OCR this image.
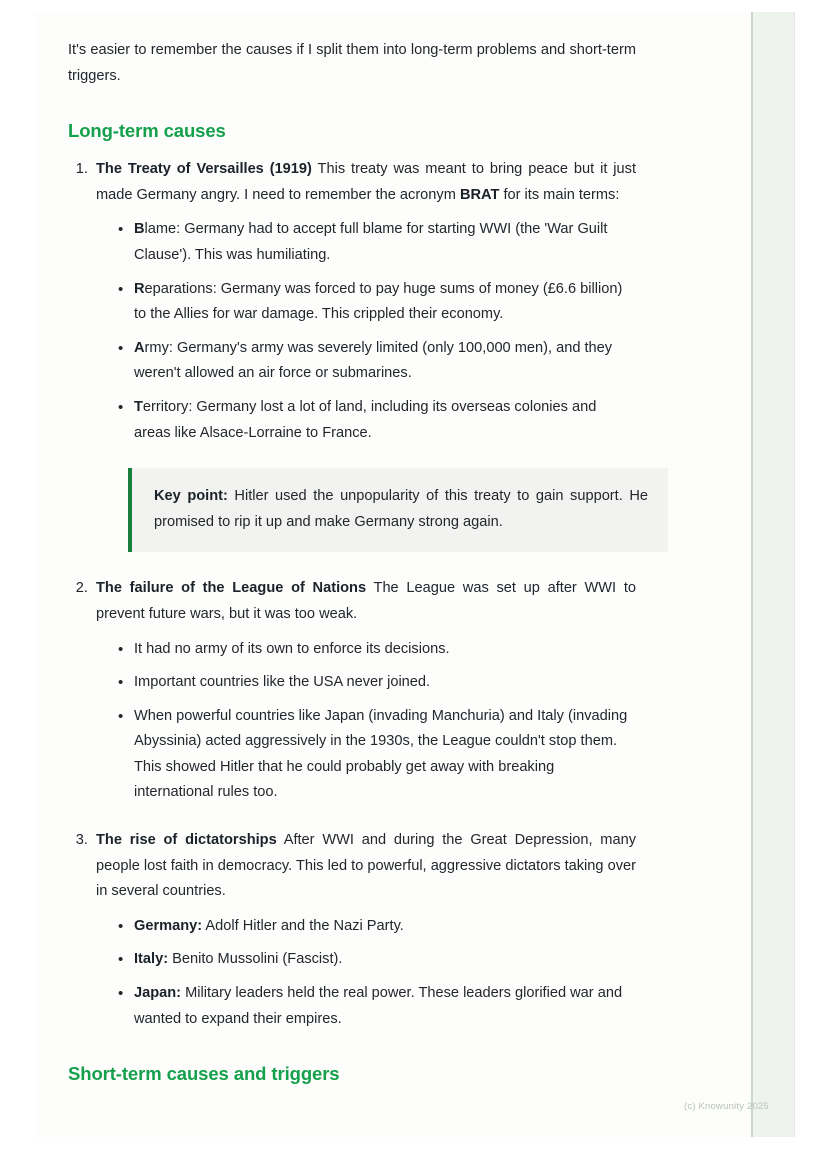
It's easier to remember the causes if I split them into long-term problems and short-term triggers.

Long-term causes
1. The Treaty of Versailles (1919) This treaty was meant to bring peace but it just made Germany angry. I need to remember the acronym BRAT for its main terms:
• Blame: Germany had to accept full blame for starting WWI (the 'War Guilt Clause'). This was humiliating.
• Reparations: Germany was forced to pay huge sums of money (£6.6 billion) to the Allies for war damage. This crippled their economy.
• Army: Germany's army was severely limited (only 100,000 men), and they weren't allowed an air force or submarines.
• Territory: Germany lost a lot of land, including its overseas colonies and areas like Alsace-Lorraine to France.

Key point: Hitler used the unpopularity of this treaty to gain support. He promised to rip it up and make Germany strong again.

2. The failure of the League of Nations The League was set up after WWI to prevent future wars, but it was too weak.
• It had no army of its own to enforce its decisions.
• Important countries like the USA never joined.
• When powerful countries like Japan (invading Manchuria) and Italy (invading Abyssinia) acted aggressively in the 1930s, the League couldn't stop them. This showed Hitler that he could probably get away with breaking international rules too.
3. The rise of dictatorships After WWI and during the Great Depression, many people lost faith in democracy. This led to powerful, aggressive dictators taking over in several countries.
• Germany: Adolf Hitler and the Nazi Party.
• Italy: Benito Mussolini (Fascist).
• Japan: Military leaders held the real power. These leaders glorified war and wanted to expand their empires.
Short-term causes and triggers
(c) Knowunity 2025
